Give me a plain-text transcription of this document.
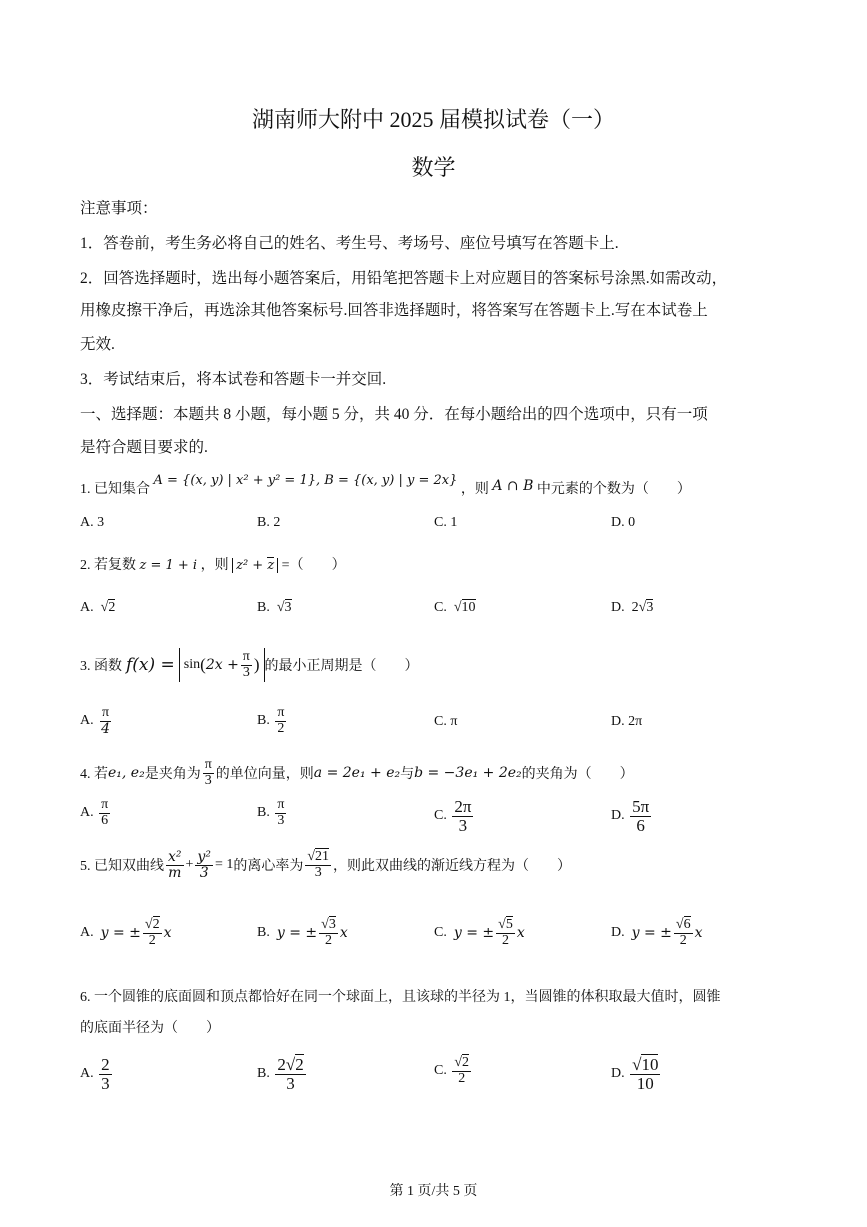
湖南师大附中 2025 届模拟试卷（一）
数学
注意事项：
1．答卷前，考生务必将自己的姓名、考生号、考场号、座位号填写在答题卡上.
2．回答选择题时，选出每小题答案后，用铅笔把答题卡上对应题目的答案标号涂黑.如需改动，
用橡皮擦干净后，再选涂其他答案标号.回答非选择题时，将答案写在答题卡上.写在本试卷上
无效.
3．考试结束后，将本试卷和答题卡一并交回.
一、选择题：本题共 8 小题，每小题 5 分，共 40 分．在每小题给出的四个选项中，只有一项
是符合题目要求的.
1. 已知集合 A = {(x, y) | x² + y² = 1}, B = {(x, y) | y = 2x} ，则 A ∩ B 中元素的个数为（　　）
A. 3	B. 2	C. 1	D. 0
2. 若复数 z = 1 + i ，则 z² + z =（　　）
A.  √2	B.  √3	C.  √10	D. 2√3
3. 函数 f(x) = sin ( $2x + \frac{\pi}{3}$ ) 的最小正周期是（　　）
A.
$\frac{\pi}{4}$	B.
$\frac{\pi}{2}$	C. π	D. 2π
4. 若 e₁, e₂ 是夹角为 $\frac{\pi}{3}$ 的单位向量，则 a = 2e₁ + e₂ 与 b = −3e₁ + 2e₂ 的夹角为（　　）
A.
$\frac{\pi}{6}$	B.
$\frac{\pi}{3}$	C.
$\frac{2\pi}{3}$	D.
$\frac{5\pi}{6}$
5. 已知双曲线 $\frac{\text{x²}}{m} + \frac{\text{y²}}{3} = 1$ 的离心率为 $\frac{√21}{3}$ ，则此双曲线的渐近线方程为（　　）
A.
y = ± $\frac{√2}{2}$ x	B.
y = ± $\frac{√3}{2}$ x	C.
y = ± $\frac{√5}{2}$ x	D.
y = ± $\frac{√6}{2}$ x
6. 一个圆锥的底面圆和顶点都恰好在同一个球面上，且该球的半径为 1，当圆锥的体积取最大值时，圆锥
的底面半径为（　　）
A.
$\frac{2}{3}$	B.
$\frac{2√2}{3}$	C.
$\frac{√2}{2}$	D.
$\frac{√10}{10}$
第 1 页/共 5 页
